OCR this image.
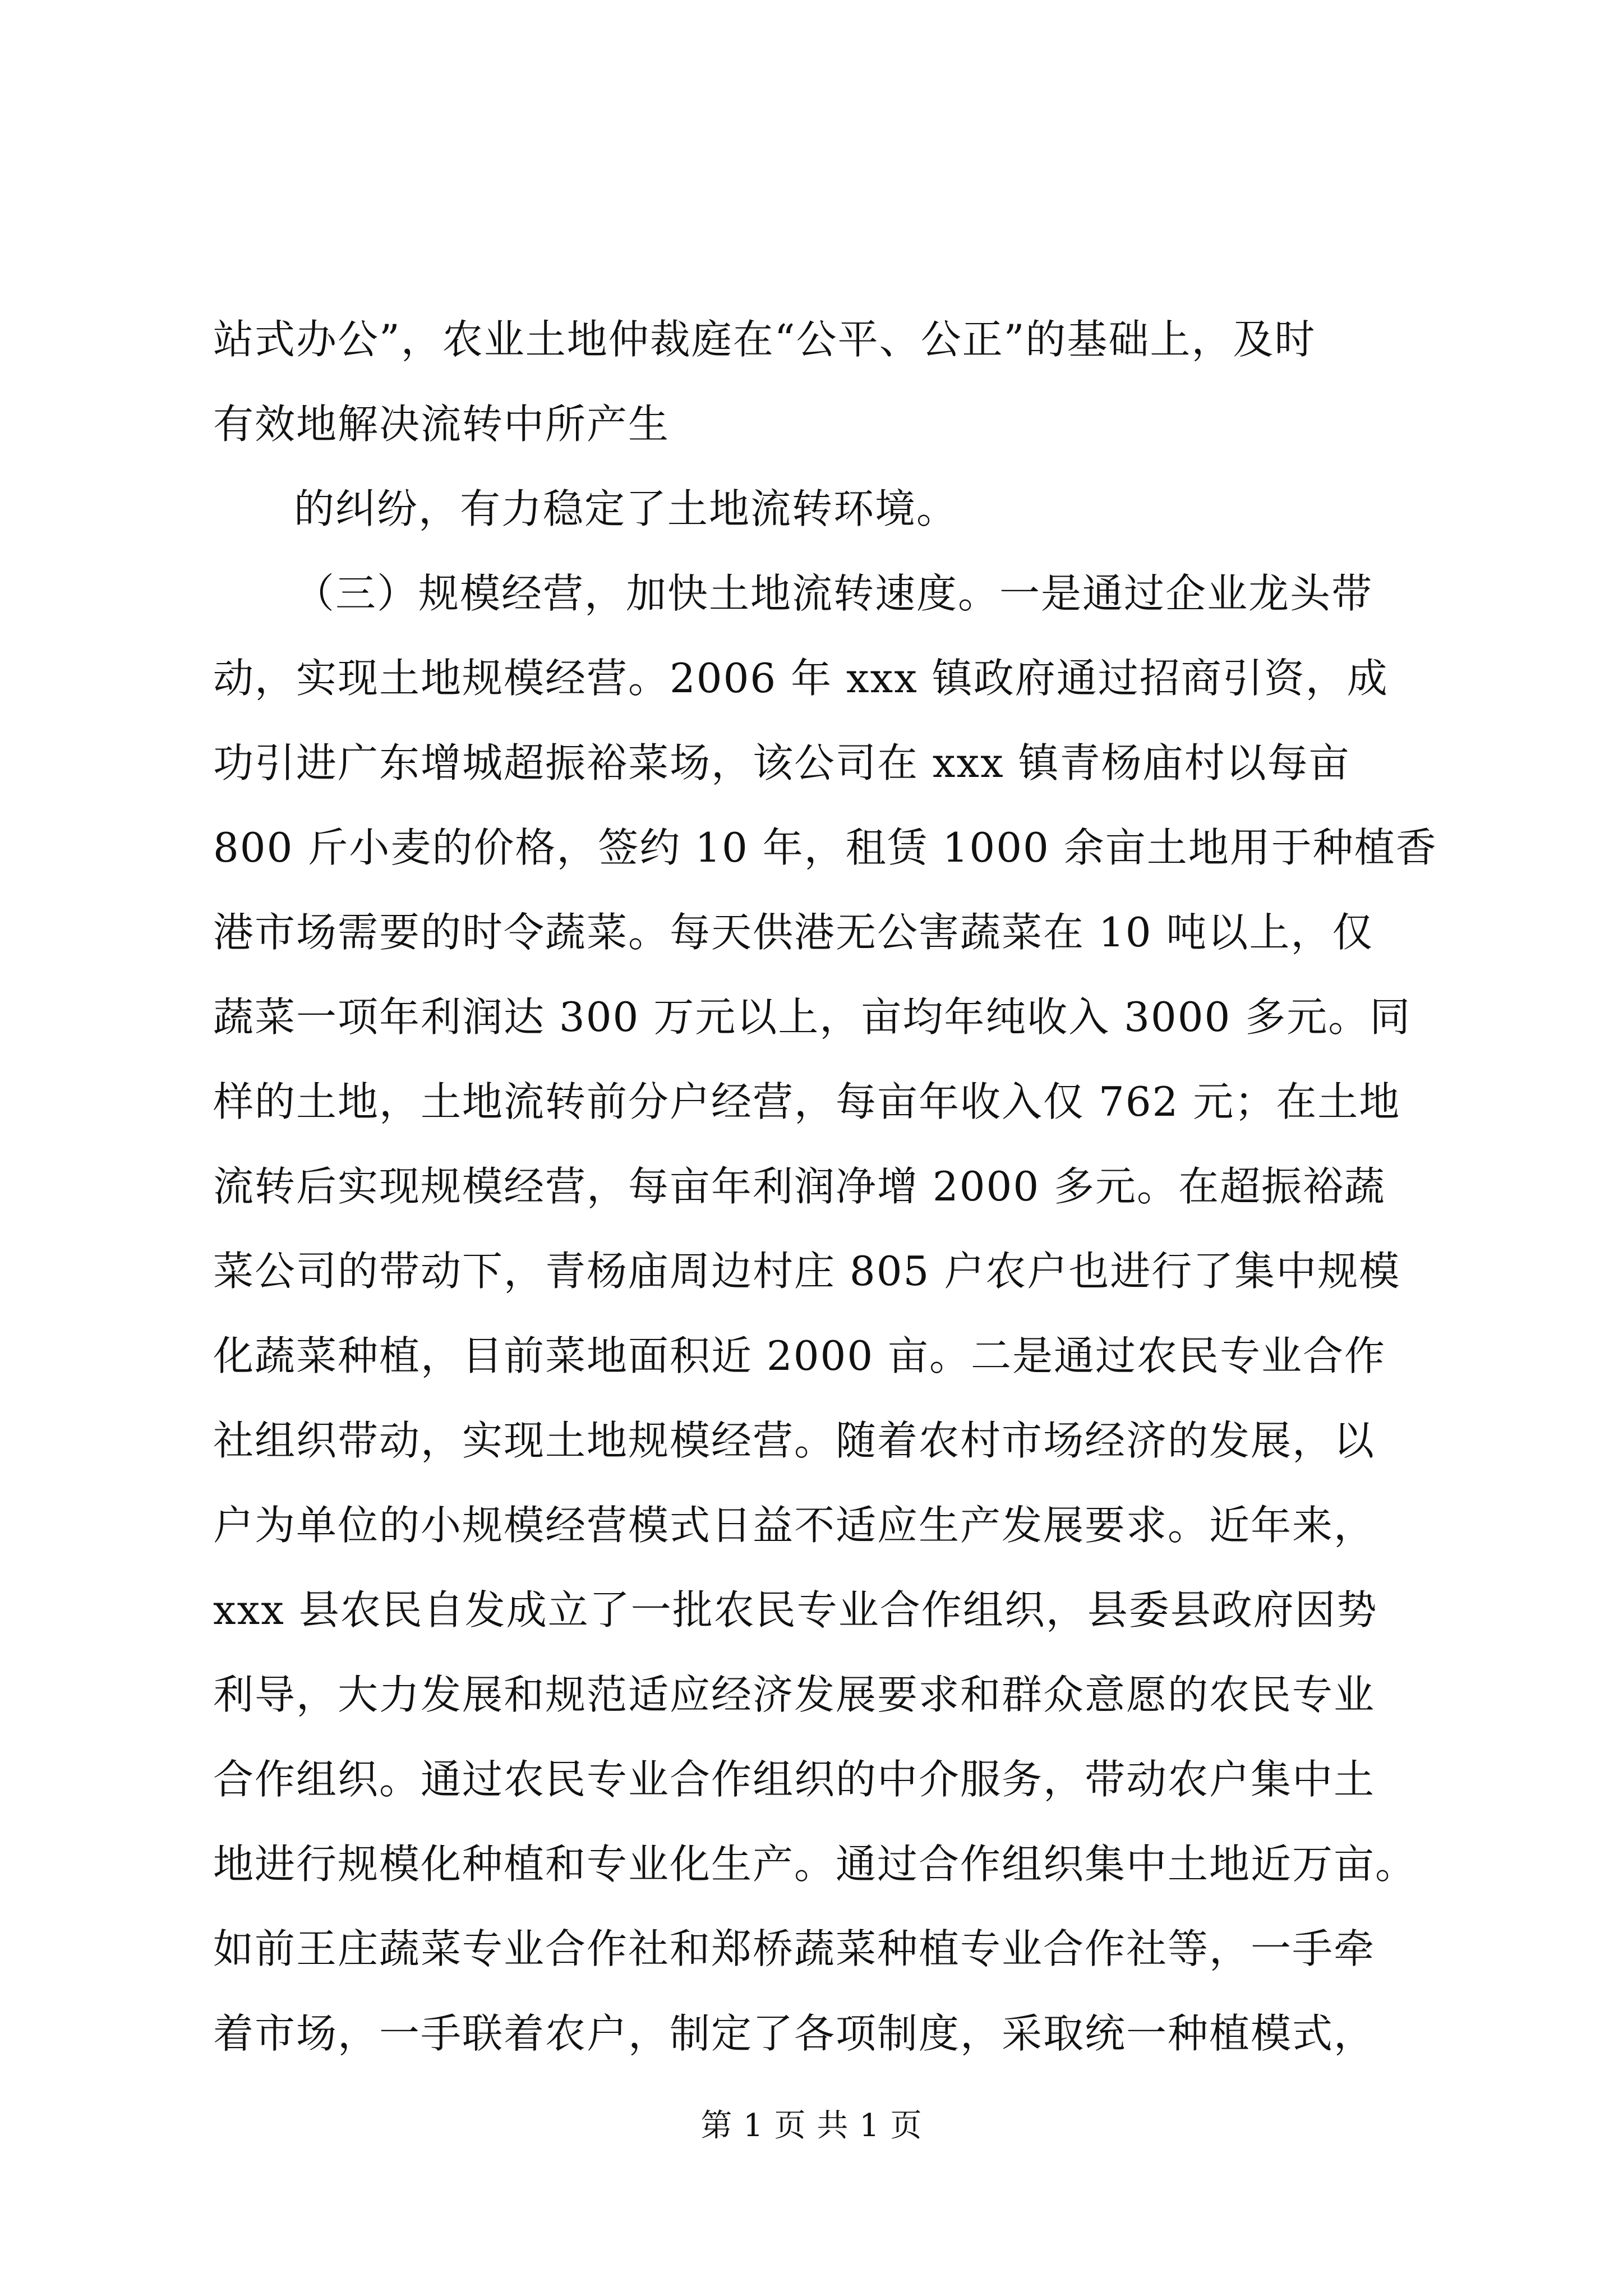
站式办公”，农业土地仲裁庭在“公平、公正”的基础上，及时
有效地解决流转中所产生
的纠纷，有力稳定了土地流转环境。
（三）规模经营，加快土地流转速度。一是通过企业龙头带
动，实现土地规模经营。2006 年 xxx 镇政府通过招商引资，成
功引进广东增城超振裕菜场，该公司在 xxx 镇青杨庙村以每亩
800 斤小麦的价格，签约 10 年，租赁 1000 余亩土地用于种植香
港市场需要的时令蔬菜。每天供港无公害蔬菜在 10 吨以上，仅
蔬菜一项年利润达 300 万元以上，亩均年纯收入 3000 多元。同
样的土地，土地流转前分户经营，每亩年收入仅 762 元；在土地
流转后实现规模经营，每亩年利润净增 2000 多元。在超振裕蔬
菜公司的带动下，青杨庙周边村庄 805 户农户也进行了集中规模
化蔬菜种植，目前菜地面积近 2000 亩。二是通过农民专业合作
社组织带动，实现土地规模经营。随着农村市场经济的发展，以
户为单位的小规模经营模式日益不适应生产发展要求。近年来，
xxx 县农民自发成立了一批农民专业合作组织，县委县政府因势
利导，大力发展和规范适应经济发展要求和群众意愿的农民专业
合作组织。通过农民专业合作组织的中介服务，带动农户集中土
地进行规模化种植和专业化生产。通过合作组织集中土地近万亩。
如前王庄蔬菜专业合作社和郑桥蔬菜种植专业合作社等，一手牵
着市场，一手联着农户，制定了各项制度，采取统一种植模式，
第 1 页 共 1 页
